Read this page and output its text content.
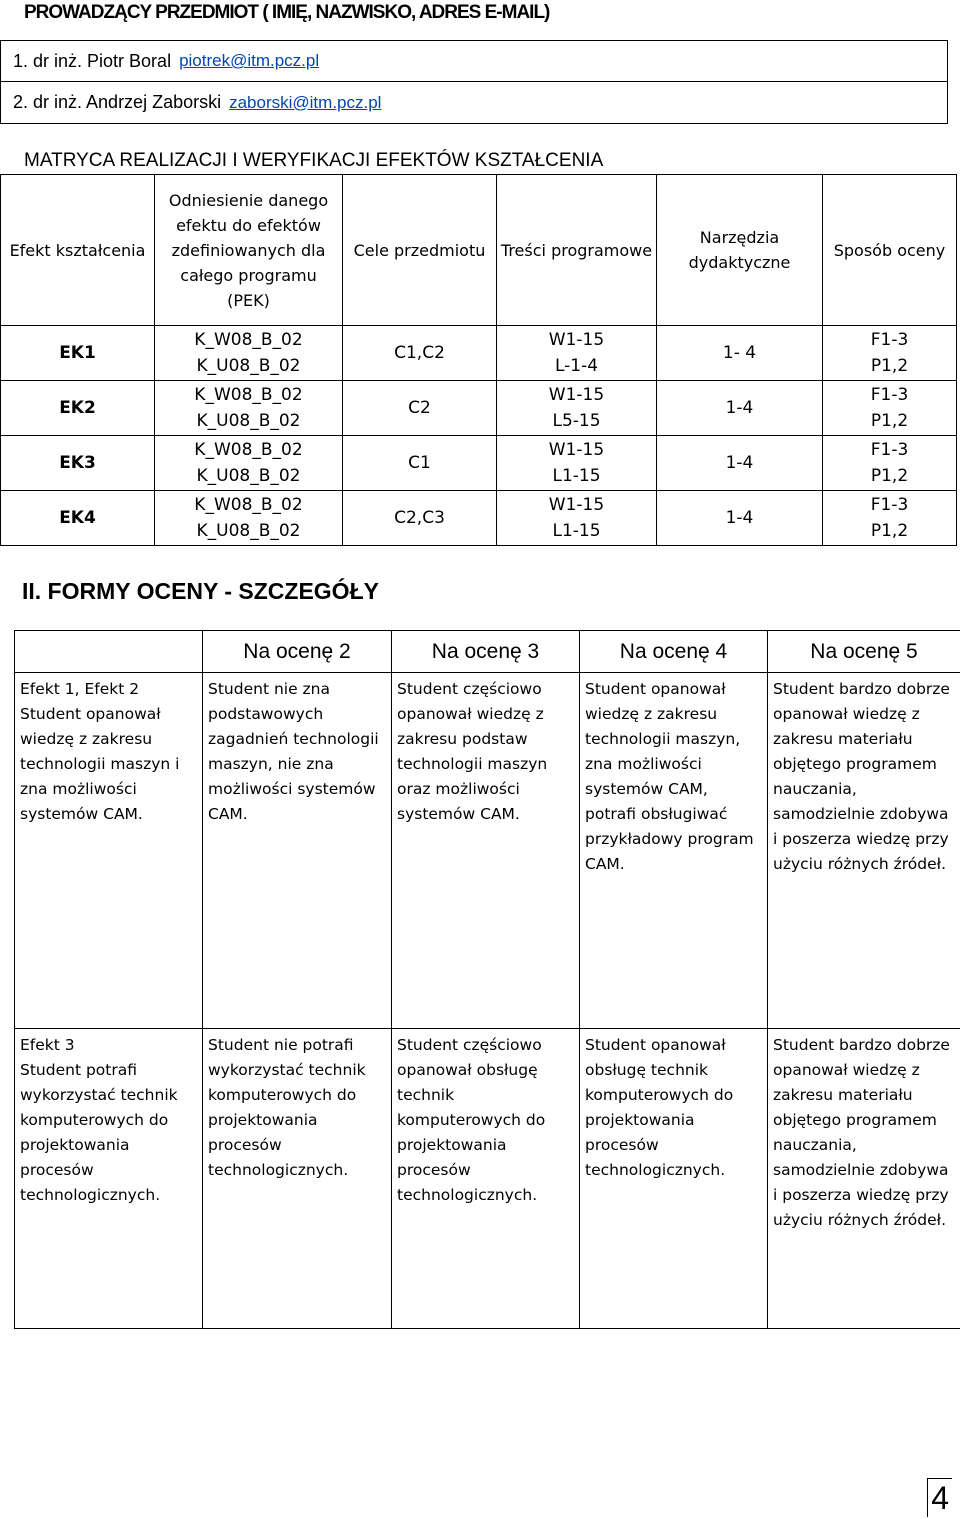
PROWADZĄCY PRZEDMIOT ( IMIĘ, NAZWISKO, ADRES E-MAIL)
1. dr inż. Piotr Boral piotrek@itm.pcz.pl
2. dr inż. Andrzej Zaborski zaborski@itm.pcz.pl
MATRYCA REALIZACJI I WERYFIKACJI EFEKTÓW KSZTAŁCENIA
Efekt kształcenia	Odniesienie danego efektu do efektów zdefiniowanych dla całego programu (PEK)	Cele przedmiotu	Treści programowe	Narzędzia dydaktyczne	Sposób oceny
EK1	K_W08_B_02 K_U08_B_02	C1,C2	W1-15 L-1-4	1- 4	F1-3 P1,2
EK2	K_W08_B_02 K_U08_B_02	C2	W1-15 L5-15	1-4	F1-3 P1,2
EK3	K_W08_B_02 K_U08_B_02	C1	W1-15 L1-15	1-4	F1-3 P1,2
EK4	K_W08_B_02 K_U08_B_02	C2,C3	W1-15 L1-15	1-4	F1-3 P1,2
II. FORMY OCENY - SZCZEGÓŁY
	Na ocenę 2	Na ocenę 3	Na ocenę 4	Na ocenę 5

Efekt 1, Efekt 2
Student opanował wiedzę z zakresu technologii maszyn i zna możliwości systemów CAM.	Student nie zna podstawowych zagadnień technologii maszyn, nie zna możliwości systemów CAM.	Student częściowo opanował wiedzę z zakresu podstaw technologii maszyn oraz możliwości systemów CAM.	Student opanował wiedzę z zakresu technologii maszyn, zna możliwości systemów CAM, potrafi obsługiwać przykładowy program CAM.	Student bardzo dobrze opanował wiedzę z zakresu materiału objętego programem nauczania, samodzielnie zdobywa i poszerza wiedzę przy użyciu różnych źródeł.

Efekt 3
Student potrafi wykorzystać technik komputerowych do projektowania procesów technologicznych.	Student nie potrafi wykorzystać technik komputerowych do projektowania procesów technologicznych.	Student częściowo opanował obsługę technik komputerowych do projektowania procesów technologicznych.	Student opanował obsługę technik komputerowych do projektowania procesów technologicznych.	Student bardzo dobrze opanował wiedzę z zakresu materiału objętego programem nauczania, samodzielnie zdobywa i poszerza wiedzę przy użyciu różnych źródeł.
4
